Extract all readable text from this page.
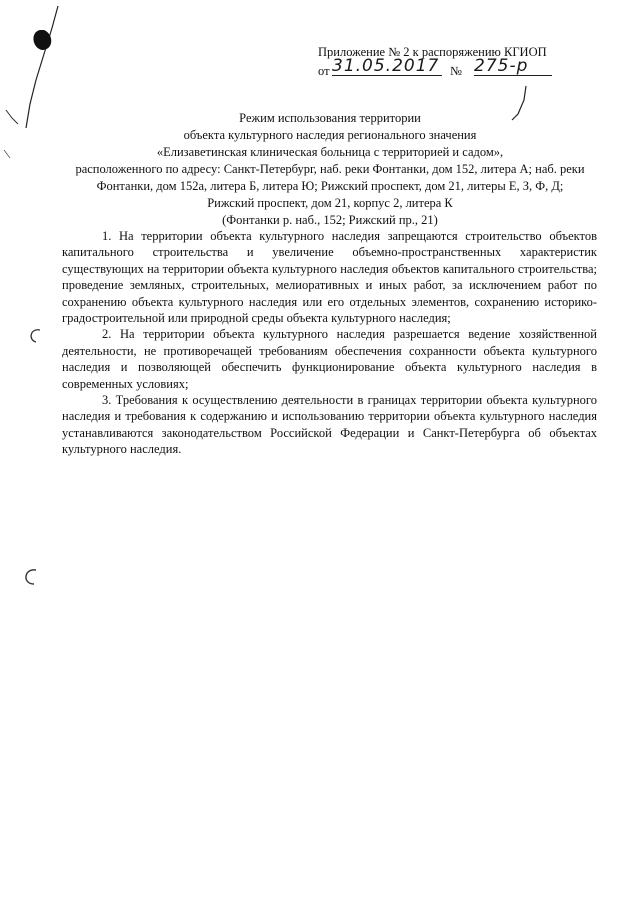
Приложение № 2 к распоряжению КГИОП
от 31.05.2017 № 275-р
Режим использования территории
объекта культурного наследия регионального значения
«Елизаветинская клиническая больница с территорией и садом»,
расположенного по адресу: Санкт-Петербург, наб. реки Фонтанки, дом 152, литера А; наб. реки
Фонтанки, дом 152а, литера Б, литера Ю; Рижский проспект, дом 21, литеры Е, З, Ф, Д;
Рижский проспект, дом 21, корпус 2, литера К
(Фонтанки р. наб., 152; Рижский пр., 21)

1. На территории объекта культурного наследия запрещаются строительство объектов капитального строительства и увеличение объемно-пространственных характеристик существующих на территории объекта культурного наследия объектов капитального строительства; проведение земляных, строительных, мелиоративных и иных работ, за исключением работ по сохранению объекта культурного наследия или его отдельных элементов, сохранению историко-градостроительной или природной среды объекта культурного наследия;

2. На территории объекта культурного наследия разрешается ведение хозяйственной деятельности, не противоречащей требованиям обеспечения сохранности объекта культурного наследия и позволяющей обеспечить функционирование объекта культурного наследия в современных условиях;

3. Требования к осуществлению деятельности в границах территории объекта культурного наследия и требования к содержанию и использованию территории объекта культурного наследия устанавливаются законодательством Российской Федерации и Санкт-Петербурга об объектах культурного наследия.
